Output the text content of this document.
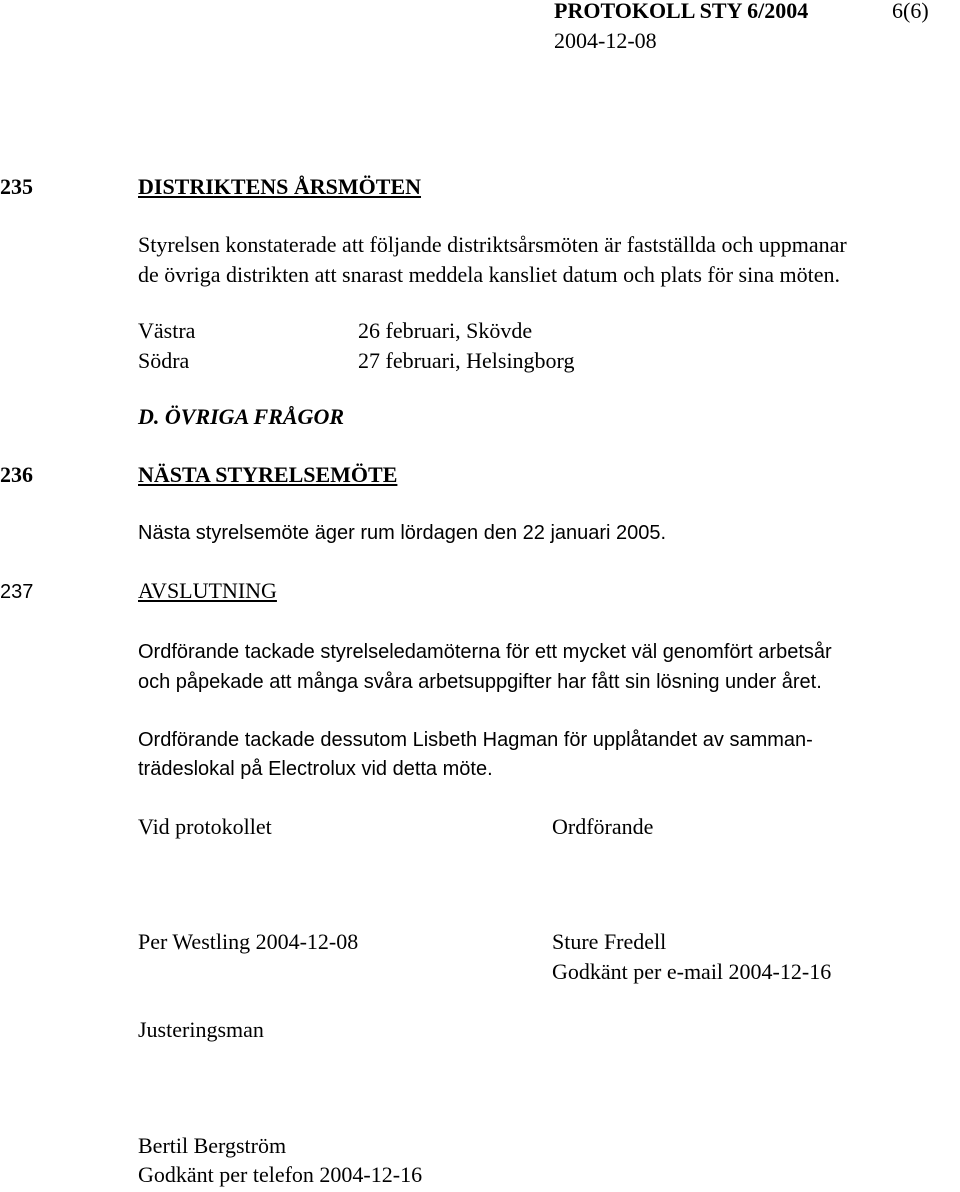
PROTOKOLL STY 6/2004	6(6)
2004-12-08
235	DISTRIKTENS ÅRSMÖTEN
Styrelsen konstaterade att följande distriktsårsmöten är fastställda och uppmanar
de övriga distrikten att snarast meddela kansliet datum och plats för sina möten.
Västra	26 februari, Skövde
Södra	27 februari, Helsingborg
D. ÖVRIGA FRÅGOR
236	NÄSTA STYRELSEMÖTE
Nästa styrelsemöte äger rum lördagen den 22 januari 2005.
237	AVSLUTNING
Ordförande tackade styrelseledamöterna för ett mycket väl genomfört arbetsår
och påpekade att många svåra arbetsuppgifter har fått sin lösning under året.
Ordförande tackade dessutom Lisbeth Hagman för upplåtandet av samman-
trädeslokal på Electrolux vid detta möte.
Vid protokollet	Ordförande
Per Westling 2004-12-08	Sture Fredell
Godkänt per e-mail 2004-12-16
Justeringsman
Bertil Bergström
Godkänt per telefon 2004-12-16
